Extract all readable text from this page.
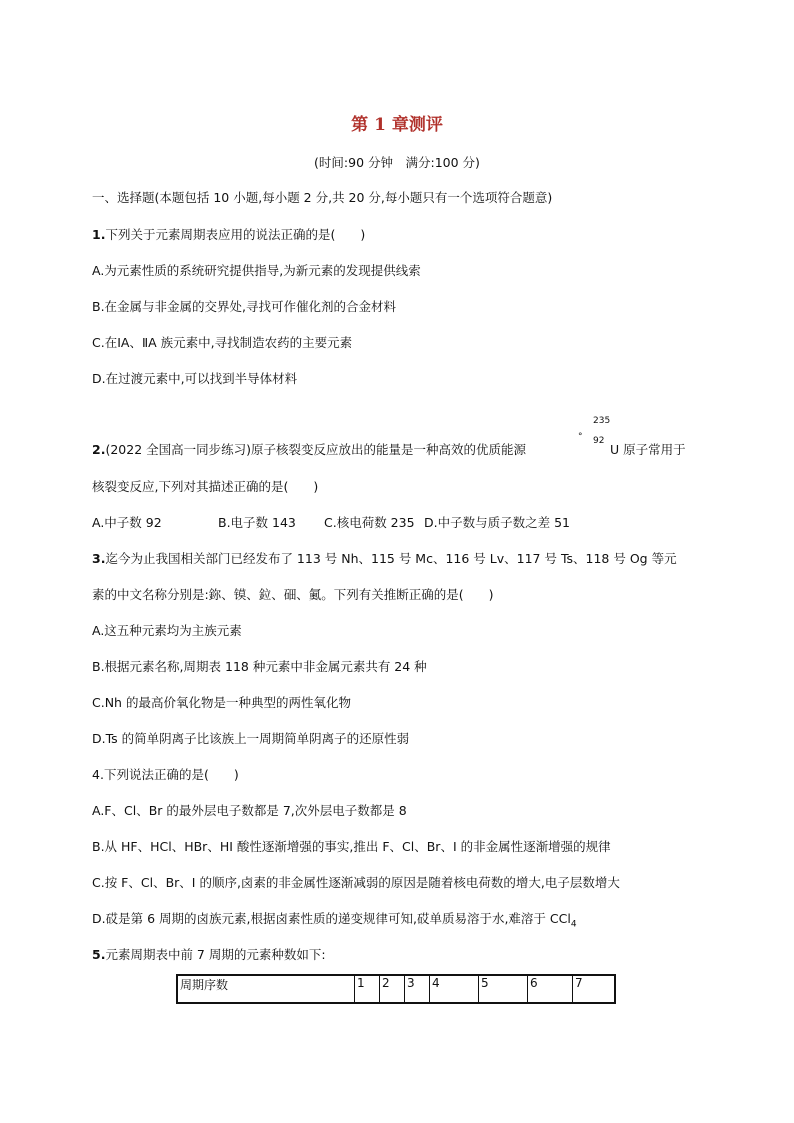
第 1 章测评
(时间:90 分钟　满分:100 分)
一、选择题(本题包括 10 小题,每小题 2 分,共 20 分,每小题只有一个选项符合题意)
1.下列关于元素周期表应用的说法正确的是(　　)
A.为元素性质的系统研究提供指导,为新元素的发现提供线索
B.在金属与非金属的交界处,寻找可作催化剂的合金材料
C.在ⅠA、ⅡA 族元素中,寻找制造农药的主要元素
D.在过渡元素中,可以找到半导体材料
2.(2022 全国高一同步练习)原子核裂变反应放出的能量是一种高效的优质能源
°
235
92
U 原子常用于
核裂变反应,下列对其描述正确的是(　　)
A.中子数 92	B.电子数 143 C.核电荷数 235 D.中子数与质子数之差 51
3.迄今为止我国相关部门已经发布了 113 号 Nh、115 号 Mc、116 号 Lv、117 号 Ts、118 号 Og 等元
素的中文名称分别是:鉨、镆、鉝、鿬、鿫。下列有关推断正确的是(　　)
A.这五种元素均为主族元素
B.根据元素名称,周期表 118 种元素中非金属元素共有 24 种
C.Nh 的最高价氧化物是一种典型的两性氧化物
D.Ts 的简单阴离子比该族上一周期简单阴离子的还原性弱
4.下列说法正确的是(　　)
A.F、Cl、Br 的最外层电子数都是 7,次外层电子数都是 8
B.从 HF、HCl、HBr、HI 酸性逐渐增强的事实,推出 F、Cl、Br、I 的非金属性逐渐增强的规律
C.按 F、Cl、Br、I 的顺序,卤素的非金属性逐渐减弱的原因是随着核电荷数的增大,电子层数增大
D.砹是第 6 周期的卤族元素,根据卤素性质的递变规律可知,砹单质易溶于水,难溶于 CCl$_4$
5.元素周期表中前 7 周期的元素种数如下:
周期序数	1	2	3	4	5	6	7
